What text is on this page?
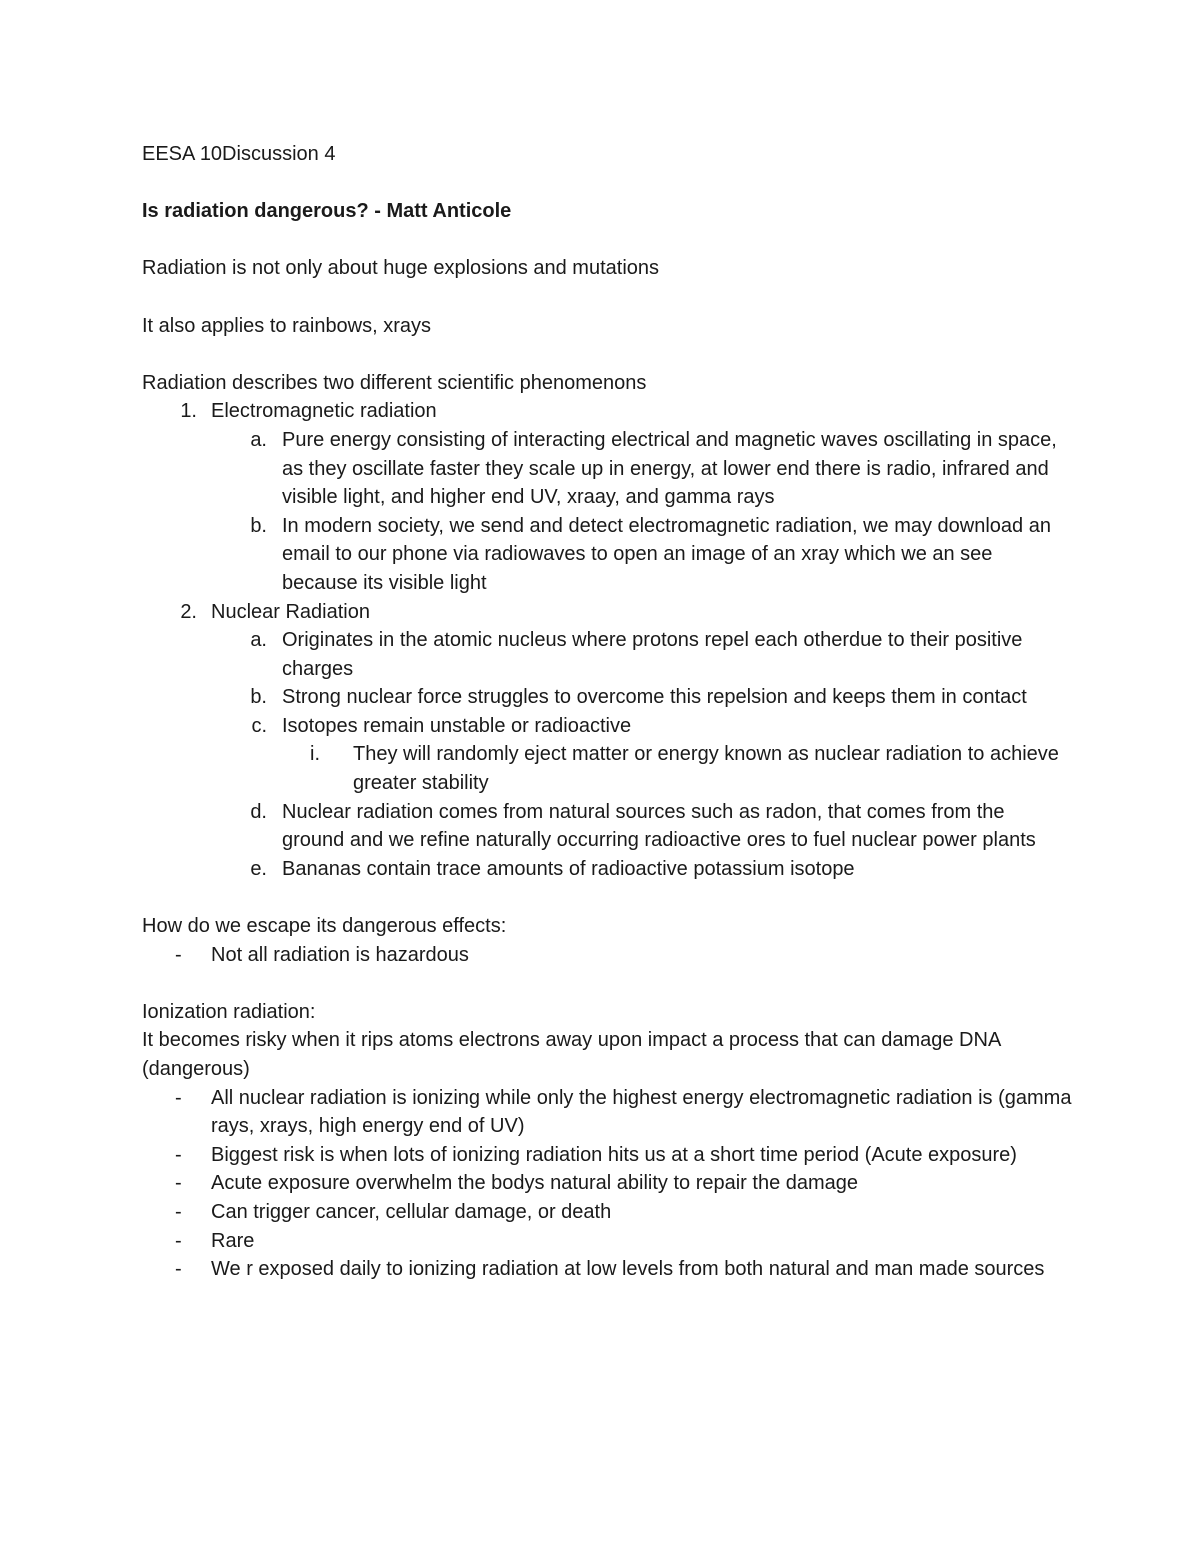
EESA 10Discussion 4

Is radiation dangerous? - Matt Anticole

Radiation is not only about huge explosions and mutations

It also applies to rainbows, xrays

Radiation describes two different scientific phenomenons

1. Electromagnetic radiation
a. Pure energy consisting of interacting electrical and magnetic waves oscillating in space, as they oscillate faster they scale up in energy, at lower end there is radio, infrared and visible light, and higher end UV, xraay, and gamma rays
b. In modern society, we send and detect electromagnetic radiation, we may download an email to our phone via radiowaves to open an image of an xray which we an see because its visible light
2. Nuclear Radiation
a. Originates in the atomic nucleus where protons repel each otherdue to their positive charges
b. Strong nuclear force struggles to overcome this repelsion and keeps them in contact
c. Isotopes remain unstable or radioactive
i. They will randomly eject matter or energy known as nuclear radiation to achieve greater stability
d. Nuclear radiation comes from natural sources such as radon, that comes from the ground and we refine naturally occurring radioactive ores to fuel nuclear power plants
e. Bananas contain trace amounts of radioactive potassium isotope

How do we escape its dangerous effects:

-	Not all radiation is hazardous

Ionization radiation:

It becomes risky when it rips atoms electrons away upon impact a process that can damage DNA (dangerous)

-	All nuclear radiation is ionizing while only the highest energy electromagnetic radiation is (gamma rays, xrays, high energy end of UV)
-	Biggest risk is when lots of ionizing radiation hits us at a short time period (Acute exposure)
-	Acute exposure overwhelm the bodys natural ability to repair the damage
-	Can trigger cancer, cellular damage, or death
-	Rare
-	We r exposed daily to ionizing radiation at low levels from both natural and man made sources
